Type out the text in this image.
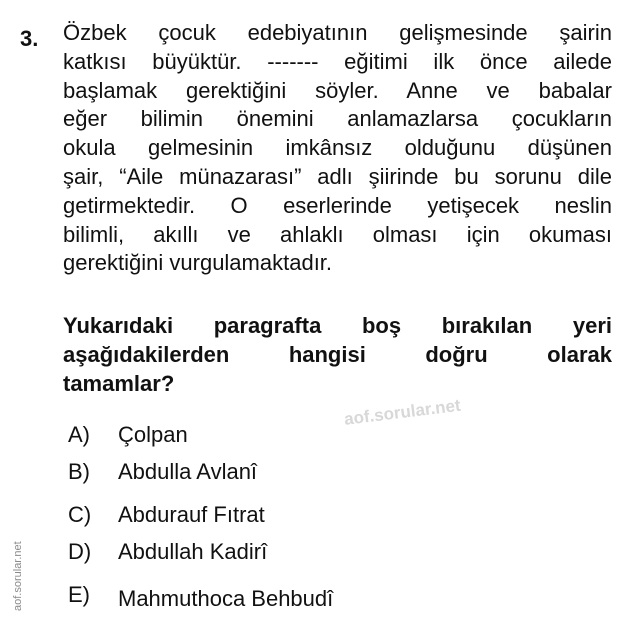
3. Özbek çocuk edebiyatının gelişmesinde şairin
katkısı büyüktür. ------- eğitimi ilk önce ailede
başlamak gerektiğini söyler. Anne ve babalar
eğer bilimin önemini anlamazlarsa çocukların
okula gelmesinin imkânsız olduğunu düşünen
şair, “Aile münazarası” adlı şiirinde bu sorunu dile
getirmektedir. O eserlerinde yetişecek neslin
bilimli, akıllı ve ahlaklı olması için okuması
gerektiğini vurgulamaktadır.
Yukarıdaki paragrafta boş bırakılan yeri
aşağıdakilerden hangisi doğru olarak
tamamlar?
A) Çolpan
B) Abdulla Avlanî
C) Abdurauf Fıtrat
D) Abdullah Kadirî
E) Mahmuthoca Behbudî
aof.sorular.net
aof.sorular.net
